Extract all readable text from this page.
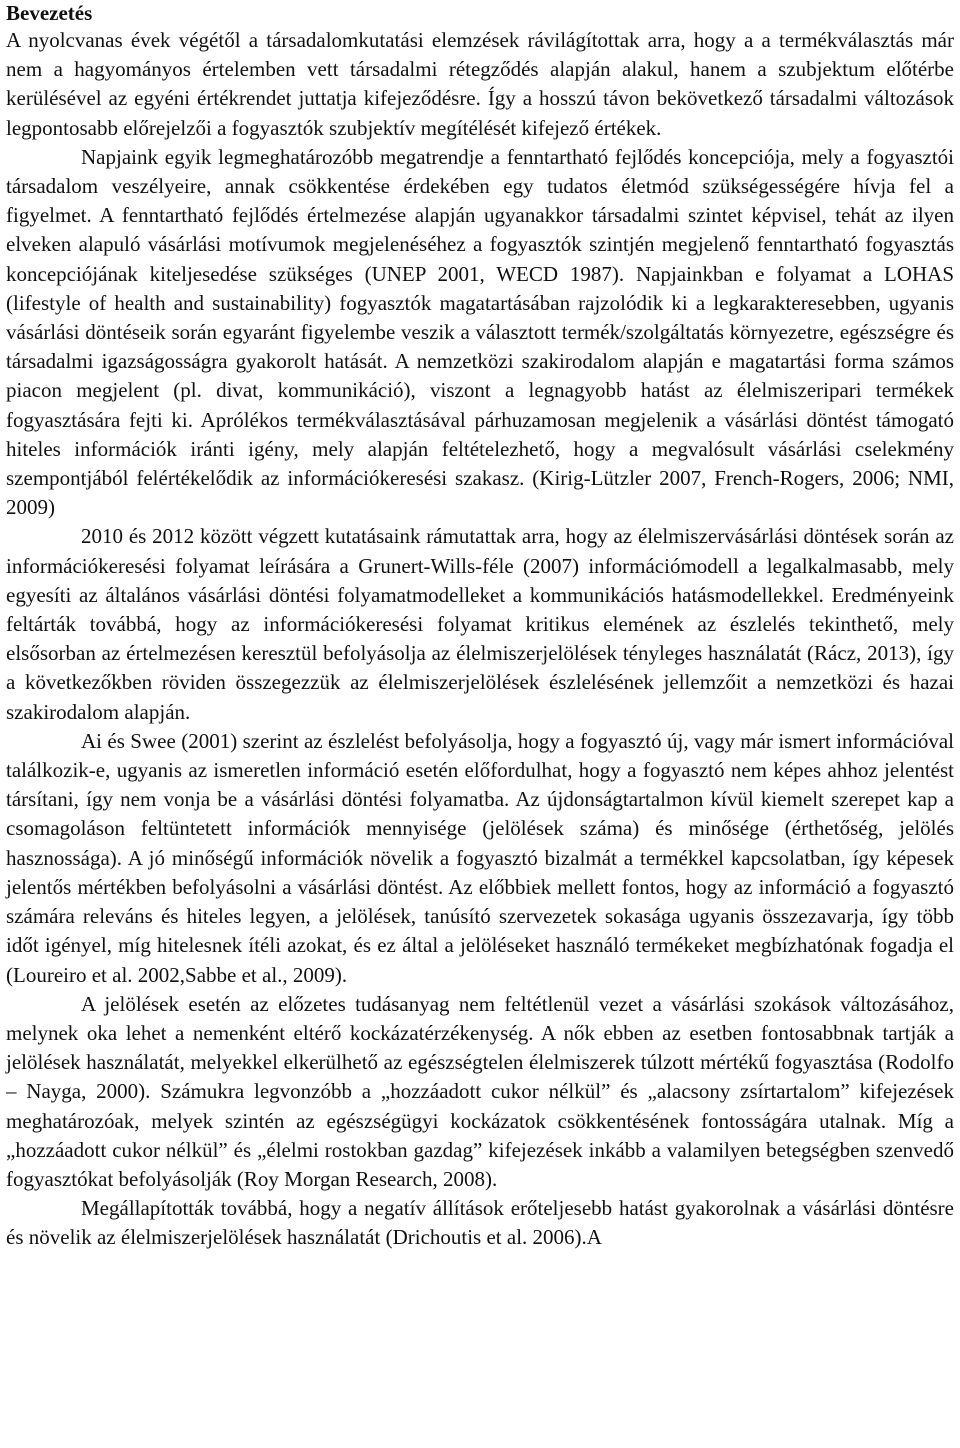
Bevezetés

A nyolcvanas évek végétől a társadalomkutatási elemzések rávilágítottak arra, hogy a a termékválasztás már nem a hagyományos értelemben vett társadalmi rétegződés alapján alakul, hanem a szubjektum előtérbe kerülésével az egyéni értékrendet juttatja kifejeződésre. Így a hosszú távon bekövetkező társadalmi változások legpontosabb előrejelzői a fogyasztók szubjektív megítélését kifejező értékek.

Napjaink egyik legmeghatározóbb megatrendje a fenntartható fejlődés koncepciója, mely a fogyasztói társadalom veszélyeire, annak csökkentése érdekében egy tudatos életmód szükségességére hívja fel a figyelmet. A fenntartható fejlődés értelmezése alapján ugyanakkor társadalmi szintet képvisel, tehát az ilyen elveken alapuló vásárlási motívumok megjelenéséhez a fogyasztók szintjén megjelenő fenntartható fogyasztás koncepciójának kiteljesedése szükséges (UNEP 2001, WECD 1987). Napjainkban e folyamat a LOHAS (lifestyle of health and sustainability) fogyasztók magatartásában rajzolódik ki a legkarakteresebben, ugyanis vásárlási döntéseik során egyaránt figyelembe veszik a választott termék/szolgáltatás környezetre, egészségre és társadalmi igazságosságra gyakorolt hatását. A nemzetközi szakirodalom alapján e magatartási forma számos piacon megjelent (pl. divat, kommunikáció), viszont a legnagyobb hatást az élelmiszeripari termékek fogyasztására fejti ki. Aprólékos termékválasztásával párhuzamosan megjelenik a vásárlási döntést támogató hiteles információk iránti igény, mely alapján feltételezhető, hogy a megvalósult vásárlási cselekmény szempontjából felértékelődik az információkeresési szakasz. (Kirig-Lützler 2007, French-Rogers, 2006; NMI, 2009)

2010 és 2012 között végzett kutatásaink rámutattak arra, hogy az élelmiszervásárlási döntések során az információkeresési folyamat leírására a Grunert-Wills-féle (2007) információmodell a legalkalmasabb, mely egyesíti az általános vásárlási döntési folyamatmodelleket a kommunikációs hatásmodellekkel. Eredményeink feltárták továbbá, hogy az információkeresési folyamat kritikus elemének az észlelés tekinthető, mely elsősorban az értelmezésen keresztül befolyásolja az élelmiszerjelölések tényleges használatát (Rácz, 2013), így a következőkben röviden összegezzük az élelmiszerjelölések észlelésének jellemzőit a nemzetközi és hazai szakirodalom alapján.

Ai és Swee (2001) szerint az észlelést befolyásolja, hogy a fogyasztó új, vagy már ismert információval találkozik-e, ugyanis az ismeretlen információ esetén előfordulhat, hogy a fogyasztó nem képes ahhoz jelentést társítani, így nem vonja be a vásárlási döntési folyamatba. Az újdonságtartalmon kívül kiemelt szerepet kap a csomagoláson feltüntetett információk mennyisége (jelölések száma) és minősége (érthetőség, jelölés hasznossága). A jó minőségű információk növelik a fogyasztó bizalmát a termékkel kapcsolatban, így képesek jelentős mértékben befolyásolni a vásárlási döntést. Az előbbiek mellett fontos, hogy az információ a fogyasztó számára releváns és hiteles legyen, a jelölések, tanúsító szervezetek sokasága ugyanis összezavarja, így több időt igényel, míg hitelesnek ítéli azokat, és ez által a jelöléseket használó termékeket megbízhatónak fogadja el (Loureiro et al. 2002,Sabbe et al., 2009).

A jelölések esetén az előzetes tudásanyag nem feltétlenül vezet a vásárlási szokások változásához, melynek oka lehet a nemenként eltérő kockázatérzékenység. A nők ebben az esetben fontosabbnak tartják a jelölések használatát, melyekkel elkerülhető az egészségtelen élelmiszerek túlzott mértékű fogyasztása (Rodolfo – Nayga, 2000). Számukra legvonzóbb a „hozzáadott cukor nélkül” és „alacsony zsírtartalom” kifejezések meghatározóak, melyek szintén az egészségügyi kockázatok csökkentésének fontosságára utalnak. Míg a „hozzáadott cukor nélkül” és „élelmi rostokban gazdag” kifejezések inkább a valamilyen betegségben szenvedő fogyasztókat befolyásolják (Roy Morgan Research, 2008).

Megállapították továbbá, hogy a negatív állítások erőteljesebb hatást gyakorolnak a vásárlási döntésre és növelik az élelmiszerjelölések használatát (Drichoutis et al. 2006).A
